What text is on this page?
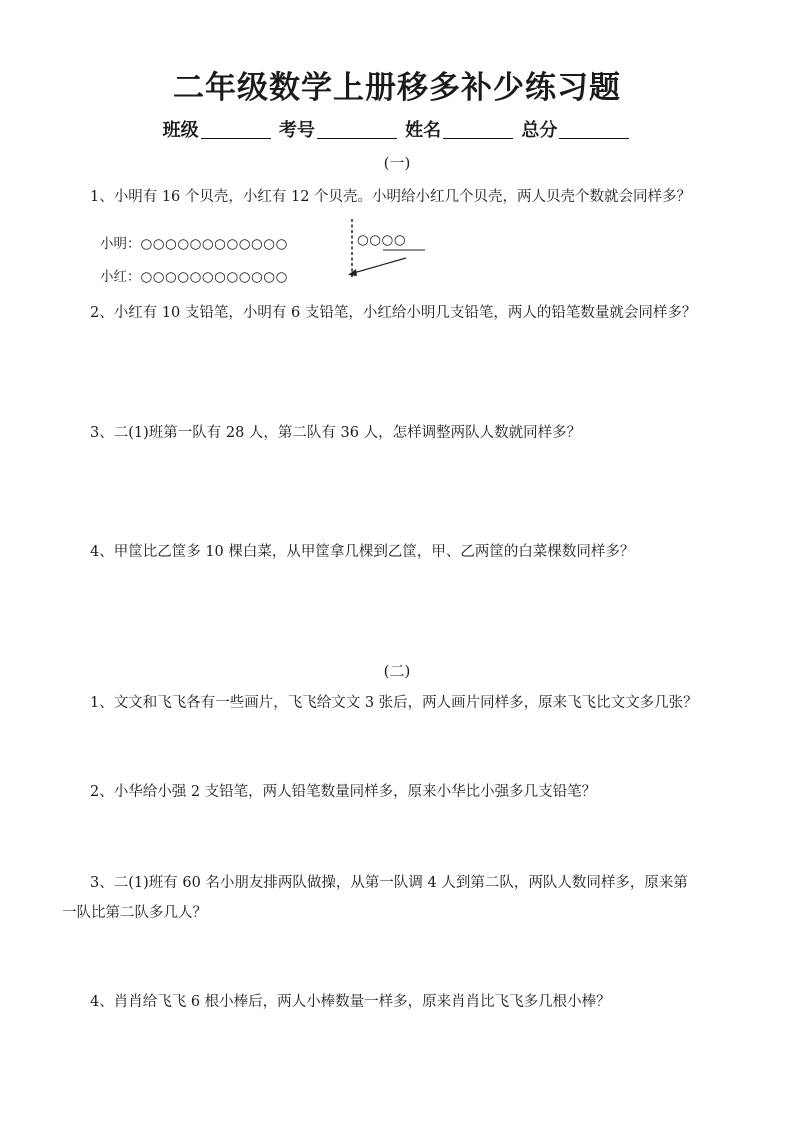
二年级数学上册移多补少练习题
班级	考号	姓名	总分
(一)
1、小明有 16 个贝壳，小红有 12 个贝壳。小明给小红几个贝壳，两人贝壳个数就会同样多？
小明：○○○○○○○○○○○○	○○○○
小红：○○○○○○○○○○○○
2、小红有 10 支铅笔，小明有 6 支铅笔，小红给小明几支铅笔，两人的铅笔数量就会同样多？
3、二(1)班第一队有 28 人，第二队有 36 人，怎样调整两队人数就同样多？
4、甲筐比乙筐多 10 棵白菜，从甲筐拿几棵到乙筐，甲、乙两筐的白菜棵数同样多？
(二)
1、文文和飞飞各有一些画片，飞飞给文文 3 张后，两人画片同样多，原来飞飞比文文多几张？
2、小华给小强 2 支铅笔，两人铅笔数量同样多，原来小华比小强多几支铅笔？
3、二(1)班有 60 名小朋友排两队做操，从第一队调 4 人到第二队，两队人数同样多，原来第
一队比第二队多几人？
4、肖肖给飞飞 6 根小棒后，两人小棒数量一样多，原来肖肖比飞飞多几根小棒？
